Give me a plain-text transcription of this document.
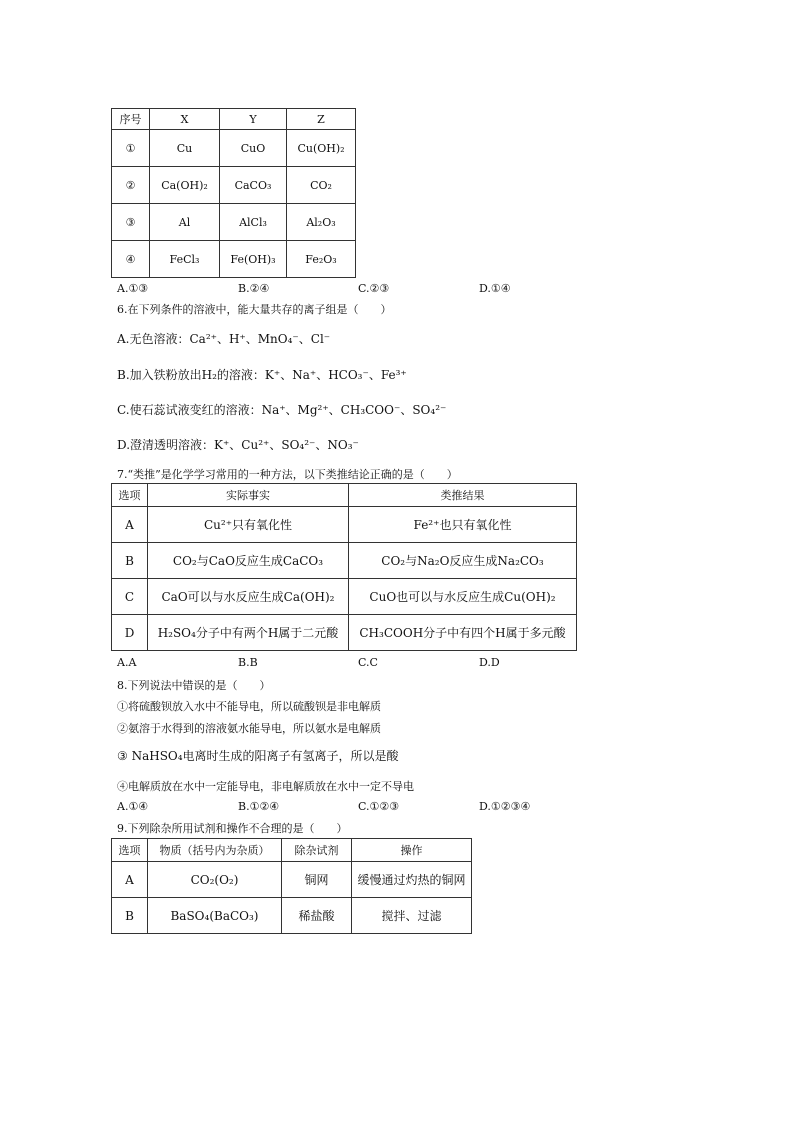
序号	X	Y	Z
①	Cu	CuO	Cu(OH)₂
②	Ca(OH)₂	CaCO₃	CO₂
③	Al	AlCl₃	Al₂O₃
④	FeCl₃	Fe(OH)₃	Fe₂O₃
A.①③	B.②④	C.②③	D.①④
6.在下列条件的溶液中，能大量共存的离子组是（　　）
A.无色溶液：Ca²⁺、H⁺、MnO₄⁻、Cl⁻
B.加入铁粉放出H₂的溶液：K⁺、Na⁺、HCO₃⁻、Fe³⁺
C.使石蕊试液变红的溶液：Na⁺、Mg²⁺、CH₃COO⁻、SO₄²⁻
D.澄清透明溶液：K⁺、Cu²⁺、SO₄²⁻、NO₃⁻
7.“类推”是化学学习常用的一种方法，以下类推结论正确的是（　　）
选项	实际事实	类推结果
A	Cu²⁺只有氧化性	Fe²⁺也只有氧化性
B	CO₂与CaO反应生成CaCO₃	CO₂与Na₂O反应生成Na₂CO₃
C	CaO可以与水反应生成Ca(OH)₂	CuO也可以与水反应生成Cu(OH)₂
D	H₂SO₄分子中有两个H属于二元酸	CH₃COOH分子中有四个H属于多元酸
A.A	B.B	C.C	D.D
8.下列说法中错误的是（　　）
①将硫酸钡放入水中不能导电，所以硫酸钡是非电解质
②氨溶于水得到的溶液氨水能导电，所以氨水是电解质
③ NaHSO₄电离时生成的阳离子有氢离子，所以是酸
④电解质放在水中一定能导电，非电解质放在水中一定不导电
A.①④	B.①②④	C.①②③	D.①②③④
9.下列除杂所用试剂和操作不合理的是（　　）
选项	物质（括号内为杂质）	除杂试剂	操作
A	CO₂(O₂)	铜网	缓慢通过灼热的铜网
B	BaSO₄(BaCO₃)	稀盐酸	搅拌、过滤
